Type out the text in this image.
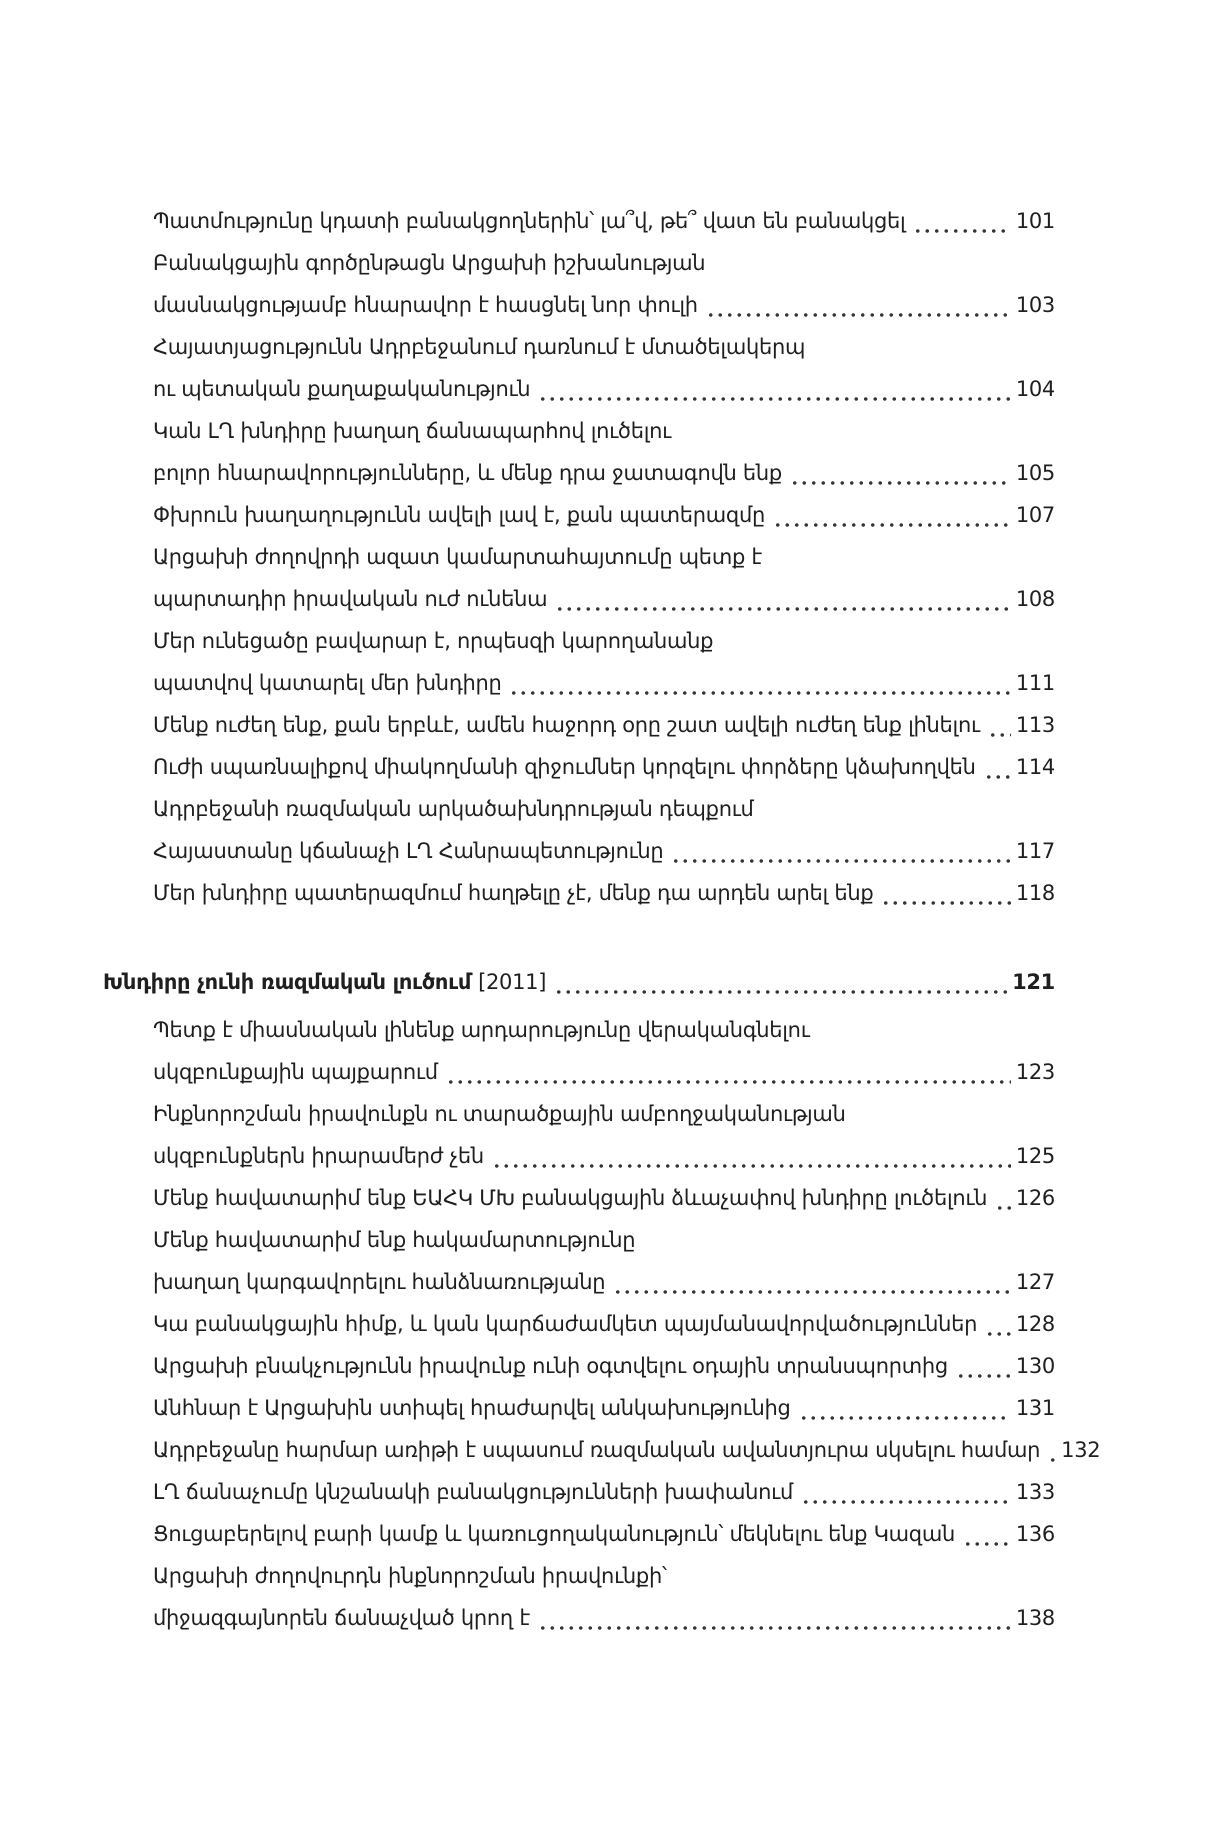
Պատմությունը կդատի բանակցողներին՝ լա՞վ, թե՞ վատ են բանակցել	101
Բանակցային գործընթացն Արցախի իշխանության
մասնակցությամբ հնարավոր է հասցնել նոր փուլի	103
Հայատյացությունն Ադրբեջանում դառնում է մտածելակերպ
ու պետական քաղաքականություն	104
Կան ԼՂ խնդիրը խաղաղ ճանապարհով լուծելու
բոլոր հնարավորությունները, և մենք դրա ջատագովն ենք	105
Փխրուն խաղաղությունն ավելի լավ է, քան պատերազմը	107
Արցախի ժողովրդի ազատ կամարտահայտումը պետք է
պարտադիր իրավական ուժ ունենա	108
Մեր ունեցածը բավարար է, որպեսզի կարողանանք
պատվով կատարել մեր խնդիրը	111
Մենք ուժեղ ենք, քան երբևէ, ամեն հաջորդ օրը շատ ավելի ուժեղ ենք լինելու 113
Ուժի սպառնալիքով միակողմանի զիջումներ կորզելու փորձերը կձախողվեն 114
Ադրբեջանի ռազմական արկածախնդրության դեպքում
Հայաստանը կճանաչի ԼՂ Հանրապետությունը	117
Մեր խնդիրը պատերազմում հաղթելը չէ, մենք դա արդեն արել ենք	118
Խնդիրը չունի ռազմական լուծում [2011]	121
Պետք է միասնական լինենք արդարությունը վերականգնելու
սկզբունքային պայքարում	123
Ինքնորոշման իրավունքն ու տարածքային ամբողջականության
սկզբունքներն իրարամերժ չեն	125
Մենք հավատարիմ ենք ԵԱՀԿ ՄԽ բանակցային ձևաչափով խնդիրը լուծելուն 126
Մենք հավատարիմ ենք հակամարտությունը
խաղաղ կարգավորելու հանձնառությանը	127
Կա բանակցային հիմք, և կան կարճաժամկետ պայմանավորվածություններ 128
Արցախի բնակչությունն իրավունք ունի օգտվելու օդային տրանսպորտից	130
Անհնար է Արցախին ստիպել հրաժարվել անկախությունից	131
Ադրբեջանը հարմար առիթի է սպասում ռազմական ավանտյուրա սկսելու համար 132
ԼՂ ճանաչումը կնշանակի բանակցությունների խափանում	133
Ցուցաբերելով բարի կամք և կառուցողականություն՝ մեկնելու ենք Կազան	136
Արցախի ժողովուրդն ինքնորոշման իրավունքի՝
միջազգայնորեն ճանաչված կրող է	138
